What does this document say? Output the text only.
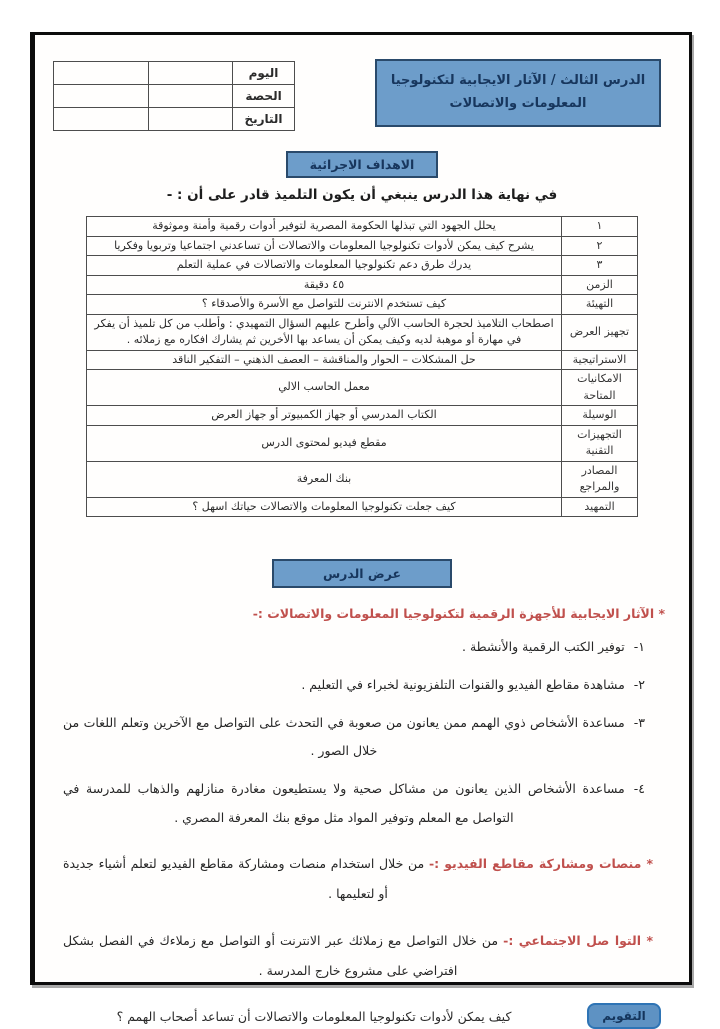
الدرس الثالث / الآثار الايجابية لتكنولوجيا المعلومات والاتصالات
اليوم		
الحصة		
التاريخ		
الاهداف الاجرائية
في نهاية هذا الدرس ينبغي أن يكون التلميذ قادر على أن : -
١	يحلل الجهود التي تبذلها الحكومة المصرية لتوفير أدوات رقمية وأمنة وموثوقة
٢	يشرح كيف يمكن لأدوات تكنولوجيا المعلومات والاتصالات أن تساعدني اجتماعيا وتربويا وفكريا
٣	يدرك طرق دعم تكنولوجيا المعلومات والاتصالات في عملية التعلم
الزمن	٤٥ دقيقة
التهيئة	كيف تستخدم الانترنت للتواصل مع الأسرة والأصدقاء ؟
تجهيز العرض	اصطحاب التلاميذ لحجرة الحاسب الآلي وأطرح عليهم السؤال التمهيدي : وأطلب من كل تلميذ أن يفكر في مهارة أو موهبة لديه وكيف يمكن أن يساعد بها الأخرين ثم يشارك افكاره مع زملائه .
الاستراتيجية	حل المشكلات – الحوار والمناقشة – العصف الذهني – التفكير الناقد
الامكانيات المتاحة	معمل الحاسب الالي
الوسيلة	الكتاب المدرسي أو جهاز الكمبيوتر أو جهاز العرض
التجهيزات التقنية	مقطع فيديو لمحتوى الدرس
المصادر والمراجع	بنك المعرفة
التمهيد	كيف جعلت تكنولوجيا المعلومات والاتصالات حياتك اسهل ؟
عرض الدرس
* الآثار الايجابية للأجهزة الرقمية لتكنولوجيا المعلومات والاتصالات :-
١-
توفير الكتب الرقمية والأنشطة .
٢-
مشاهدة مقاطع الفيديو والقنوات التلفزيونية لخبراء في التعليم .
٣-
مساعدة الأشخاص ذوي الهمم ممن يعانون من صعوبة في التحدث على التواصل مع الآخرين وتعلم اللغات من خلال الصور .
٤-
مساعدة الأشخاص الذين يعانون من مشاكل صحية ولا يستطيعون مغادرة منازلهم والذهاب للمدرسة في التواصل مع المعلم وتوفير المواد مثل موقع بنك المعرفة المصري .

* منصات ومشاركة مقاطع الفيديو :- من خلال استخدام منصات ومشاركة مقاطع الفيديو لتعلم أشياء جديدة أو لتعليمها .

* التوا صل الاجتماعي :- من خلال التواصل مع زملائك عبر الانترنت أو التواصل مع زملاءك في الفصل بشكل افتراضي على مشروع خارج المدرسة .

التقويم
كيف يمكن لأدوات تكنولوجيا المعلومات والاتصالات أن تساعد أصحاب الهمم ؟
